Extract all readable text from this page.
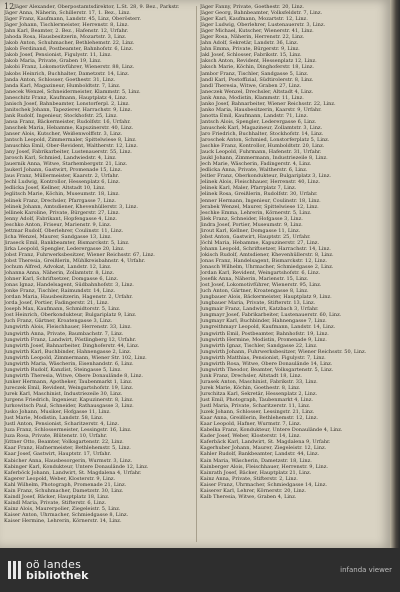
12 Jäger Alexander, Oberpostamtsdirektor, L.St. 28, 9. Bez., Parkstr.
Jäger Anna, Näherin, Schillerstr. 17, 1. Bez., Linz.
Jäger Franz, Kaufmann, Landstr. 45, Linz, Oberösterr.
Jäger Johann, Tischlermeister, Herrenstr. 8, Linz.
Jahn Karl, Beamter, 2. Bez., Hafenstr. 12, Urfahr.
Jahoda Rosa, Hausbesitzerin, Mozartstr. 3, Linz.
Jakob Anton, Schuhmacher, Bethlehemstr. 22, Linz.
Jakob Ferdinand, Postbeamter, Bahnhofstr. 6, Linz.
Jakob Josef, Pensionist, Figulystr. 11, Linz.
Jakob Maria, Private, Graben 19, Linz.
Jakobi Franz, Lokomotivführer, Wienerstr. 88, Linz.
Jakobs Heinrich, Buchhalter, Dametzstr. 14, Linz.
Janda Anton, Schlosser, Goethestr. 31, Linz.
Janda Karl, Magazineur, Humboldtstr. 7, Linz.
Janecek Wenzel, Schneidermeister, Klammstr. 5, Linz.
Janeschitz Franz, Kaufmann, Hauptplatz 4, Linz.
Janisch Josef, Bahnbeamter, Lonstorferpl. 2, Linz.
Janitschek Johann, Tapezierer, Harrachstr. 9, Linz.
Jank Rudolf, Ingenieur, Stockhofstr. 25, Linz.
Jansa Franz, Bäckermeister, Rudolfstr. 16, Urfahr.
Janschek Maria, Hebamme, Kapuzinerstr. 40, Linz.
Janser Alois, Kutscher, Weißenwolffstr. 3, Linz.
Jantsch Leopold, Zimmermaler, Spittelwiese 8, Linz.
Januschka Emil, Ober-Revident, Waltherstr. 12, Linz.
Jany Josef, Fabrikarbeiter, Lustenauerstr. 55, Linz.
Jarosch Karl, Schmied, Landwiedstr. 4, Linz.
Jauernik Anna, Witwe, Starhembergstr. 21, Linz.
Jaukerl Johann, Gastwirt, Promenade 15, Linz.
Jaus Franz, Müllermeister, Kaarstr. 2, Urfahr.
Jechl Ludwig, Kontrollor, Hessenplatz 6, Linz.
Jedlicka Josef, Kellner, Altstadt 10, Linz.
Jeglitsch Marie, Köchin, Museumstr. 18, Linz.
Jelinek Franz, Drechsler, Pfarrgasse 7, Linz.
Jelinek Johann, Amtsdiener, Khevenhüllerstr. 3, Linz.
Jellinek Karoline, Private, Bürgerstr. 27, Linz.
Jenny Adolf, Fabrikant, Hopfengasse 4, Linz.
Jeschko Anton, Friseur, Marienstr. 9, Linz.
Jettmar Rudolf, Oberlehrer, Coulinstr. 11, Linz.
Jicha Wenzel, Maurer, Sandgasse 13, Linz.
Jiraseck Emil, Bankbeamter, Bismarckstr. 5, Linz.
Jirka Leopold, Spengler, Lederergasse 20, Linz.
Jobst Franz, Fuhrwerksbesitzer, Wiener Reichsstr. 67, Linz.
Jobst Theresia, Greißlerin, Mühlkreisbahnstr. 4, Urfahr.
Jochum Alfred, Advokat, Landstr. 12, Linz.
Johanna Anna, Näherin, Zollamtstr. 8, Linz.
Johner Karl, Schriftsetzer, Domgasse 6, Linz.
Jonas Ignaz, Handelsagent, Südbahnhofstr. 3, Linz.
Jonke Franz, Tischler, Raimundstr. 14, Linz.
Jordan Maria, Hausbesitzerin, Hagenstr. 2, Urfahr.
Jorda Josef, Portier, Fadingerstr. 21, Linz.
Joseph Max, Kaufmann, Schmidtorstr. 5, Linz.
Jost Heinrich, Oberkondukteur, Bulgariplatz 9, Linz.
Juch Franz, Gärtner, Kroatengasse 3, Linz.
Jungwirth Alois, Fleischhauer, Herrenstr. 33, Linz.
Jungwirth Anna, Private, Baumbachstr. 7, Linz.
Jungwirth Franz, Landwirt, Pöstlingberg 12, Urfahr.
Jungwirth Josef, Bahnarbeiter, Dinghoferstr. 44, Linz.
Jungwirth Karl, Buchbinder, Hahnengasse 2, Linz.
Jungwirth Leopold, Zimmermann, Wiener Str. 102, Linz.
Jungwirth Maria, Wäscherin, Eisenhandstr. 6, Linz.
Jungwirth Rudolf, Kanzlist, Steingasse 5, Linz.
Jungwirth Theresia, Witwe, Obere Donaulände 8, Linz.
Junker Hermann, Apotheker, Taubenmarkt 1, Linz.
Jureczek Emil, Revident, Weingartshofstr. 19, Linz.
Jurek Karl, Maschinist, Industriezeile 30, Linz.
Jurgens Friedrich, Ingenieur, Kapuzinerstr. 8, Linz.
Jurkowitsch Paul, Schneider, Rathausgasse 3, Linz.
Jusko Johann, Musiker, Hofgasse 11, Linz.
Just Marie, Modistin, Landstr. 58, Linz.
Justl Anton, Pensionist, Scharitzerstr. 4, Linz.
Juza Franz, Schlossermeister, Lessingstr. 16, Linz.
Juza Rosa, Private, Blütenstr. 10, Urfahr.
Jüttner Otto, Beamter, Volksgartenstr. 22, Linz.
Kaar Franz, Hafnermeister, Bethlehemstr. 5, Linz.
Kaar Josef, Gastwirt, Hauptstr. 17, Urfahr.
Kabicher Anna, Hausbesorgerin, Wurmstr. 3, Linz.
Kabinger Karl, Kondukteur, Untere Donaulände 12, Linz.
Kaferböck Johann, Landwirt, St. Magdalena 4, Urfahr.
Kagerer Leopold, Weber, Klosterstr. 9, Linz.
Kahl Wilhelm, Photograph, Promenade 21, Linz.
Kain Franz, Schuhmacher, Dametzstr. 30, Linz.
Kaindl Josef, Bäcker, Hauptplatz 18, Linz.
Kaindl Maria, Private, Stifterstr. 6, Linz.
Kainz Alois, Maurerpolier, Ziegeleistr. 5, Linz.
Kaiser Anton, Uhrmacher, Schmiedgasse 8, Linz.
Kaiser Hermine, Lehrerin, Körnerstr. 14, Linz.
Jäger Fanny, Private, Goethestr. 20, Linz.
Jäger Georg, Bahnbeamter, Volksfeldstr. 7, Linz.
Jäger Karl, Kaufmann, Mozartstr. 12, Linz.
Jäger Ludwig, Oberlehrer, Lustenauerstr. 3, Linz.
Jäger Michael, Kutscher, Wienerstr. 41, Linz.
Jäger Rosa, Näherin, Herrenstr. 22, Linz.
Jahn Adolf, Sekretär, Landstr. 36, Linz.
Jahn Emma, Private, Bürgerstr. 9, Linz.
Jakl Josef, Schlosser, Fabrikstr. 15, Linz.
Jaksch Anton, Revident, Hessenplatz 12, Linz.
Jaksch Marie, Köchin, Dinghoferstr. 18, Linz.
Jambor Franz, Tischler, Sandgasse 5, Linz.
Jandl Karl, Postoffizial, Südtirolerstr. 8, Linz.
Jandl Theresia, Witwe, Graben 27, Linz.
Janeczek Wenzel, Drechsler, Altstadt 4, Linz.
Jank Anna, Modistin, Klammstr. 11, Linz.
Janko Josef, Bahnarbeiter, Wiener Reichsstr. 22, Linz.
Janko Maria, Hausbesitzerin, Kaarstr. 9, Urfahr.
Janotta Emil, Kaufmann, Landstr. 71, Linz.
Jantsch Alois, Spengler, Lederergasse 6, Linz.
Januschek Karl, Magazineur, Zollamtstr. 3, Linz.
Jaro Friedrich, Buchhalter, Stockhofstr. 14, Linz.
Jaroschek Anton, Schmied, Lonstorferplatz 5, Linz.
Jaschke Franz, Kontrollor, Humboldtstr. 20, Linz.
Jauck Leopold, Fuhrmann, Hafenstr. 31, Urfahr.
Jaukl Johann, Zimmermann, Industriezeile 8, Linz.
Jech Marie, Wäscherin, Fadingerstr. 4, Linz.
Jedlicka Anna, Private, Waltherstr. 6, Linz.
Jeitler Franz, Oberkondukteur, Bulgariplatz 3, Linz.
Jelinek Alois, Fleischhauer, Herrenstr. 40, Linz.
Jelinek Karl, Maler, Pfarrplatz 7, Linz.
Jelinek Rosa, Greißlerin, Rudolfstr. 30, Urfahr.
Jenner Hermann, Ingenieur, Coulinstr. 18, Linz.
Jerabek Wenzel, Maurer, Spittelwiese 12, Linz.
Jeschke Emma, Lehrerin, Körnerstr. 5, Linz.
Jilek Franz, Schneider, Hofgasse 3, Linz.
Jindra Josef, Portier, Museumstr. 9, Linz.
Jirout Karl, Kellner, Domgasse 11, Linz.
Jobst Anton, Gastwirt, Hauptstr. 25, Urfahr.
Jöchl Maria, Hebamme, Kapuzinerstr. 27, Linz.
Johann Leopold, Schriftsetzer, Harrachstr. 14, Linz.
Jokisch Rudolf, Amtsdiener, Khevenhüllerstr. 8, Linz.
Jonas Franz, Handelsagent, Bismarckstr. 12, Linz.
Jonasch Wilhelm, Uhrmacher, Schmiedgasse 2, Linz.
Jordan Karl, Revident, Weingartshofstr. 6, Linz.
Josefik Anna, Näherin, Marienstr. 15, Linz.
Jost Josef, Lokomotivführer, Wienerstr. 95, Linz.
Juch Anton, Gärtner, Kroatengasse 8, Linz.
Jungbauer Alois, Bäckermeister, Hauptplatz 9, Linz.
Jungbauer Maria, Private, Stifterstr. 13, Linz.
Jungmair Franz, Landwirt, Katzbach 3, Urfahr.
Jungmayr Josef, Fabrikarbeiter, Lustenauerstr. 60, Linz.
Jungmayr Karl, Buchbinder, Hahnengasse 7, Linz.
Jungreithmayr Leopold, Kaufmann, Landstr. 14, Linz.
Jungwirth Emil, Postbeamter, Bahnhofstr. 19, Linz.
Jungwirth Hermine, Modistin, Promenade 9, Linz.
Jungwirth Ignaz, Tischler, Sandgasse 22, Linz.
Jungwirth Johann, Fuhrwerksbesitzer, Wiener Reichsstr. 50, Linz.
Jungwirth Matthias, Pensionist, Figulystr. 7, Linz.
Jungwirth Rosa, Witwe, Obere Donaulände 14, Linz.
Jungwirth Theodor, Beamter, Volksgartenstr. 5, Linz.
Junk Franz, Drechsler, Altstadt 18, Linz.
Jurasek Anton, Maschinist, Fabrikstr. 33, Linz.
Jurek Marie, Köchin, Goethestr. 8, Linz.
Jurschitza Karl, Sekretär, Hessenplatz 2, Linz.
Just Emil, Photograph, Taubenmarkt 4, Linz.
Justl Maria, Private, Scharitzerstr. 11, Linz.
Juzek Johann, Schlosser, Lessingstr. 21, Linz.
Kaar Anna, Greißlerin, Bethlehemstr. 12, Linz.
Kaar Leopold, Hafner, Wurmstr. 7, Linz.
Kabelka Franz, Kondukteur, Untere Donaulände 4, Linz.
Kader Josef, Weber, Klosterstr. 14, Linz.
Kaferbäck Karl, Landwirt, St. Magdalena 9, Urfahr.
Kagerhuber Johann, Maurer, Ziegeleistr. 12, Linz.
Kahler Rudolf, Bankbeamter, Landstr. 44, Linz.
Kain Maria, Wäscherin, Dametzstr. 18, Linz.
Kainberger Alois, Fleischhauer, Herrenstr. 9, Linz.
Kainrath Josef, Bäcker, Hauptplatz 21, Linz.
Kainz Anna, Private, Stifterstr. 2, Linz.
Kaiser Franz, Uhrmacher, Schmiedgasse 14, Linz.
Kaiserer Karl, Lehrer, Körnerstr. 20, Linz.
Kalb Theresia, Witwe, Graben 4, Linz.
oö landes
bibliothek	infanda viewer
